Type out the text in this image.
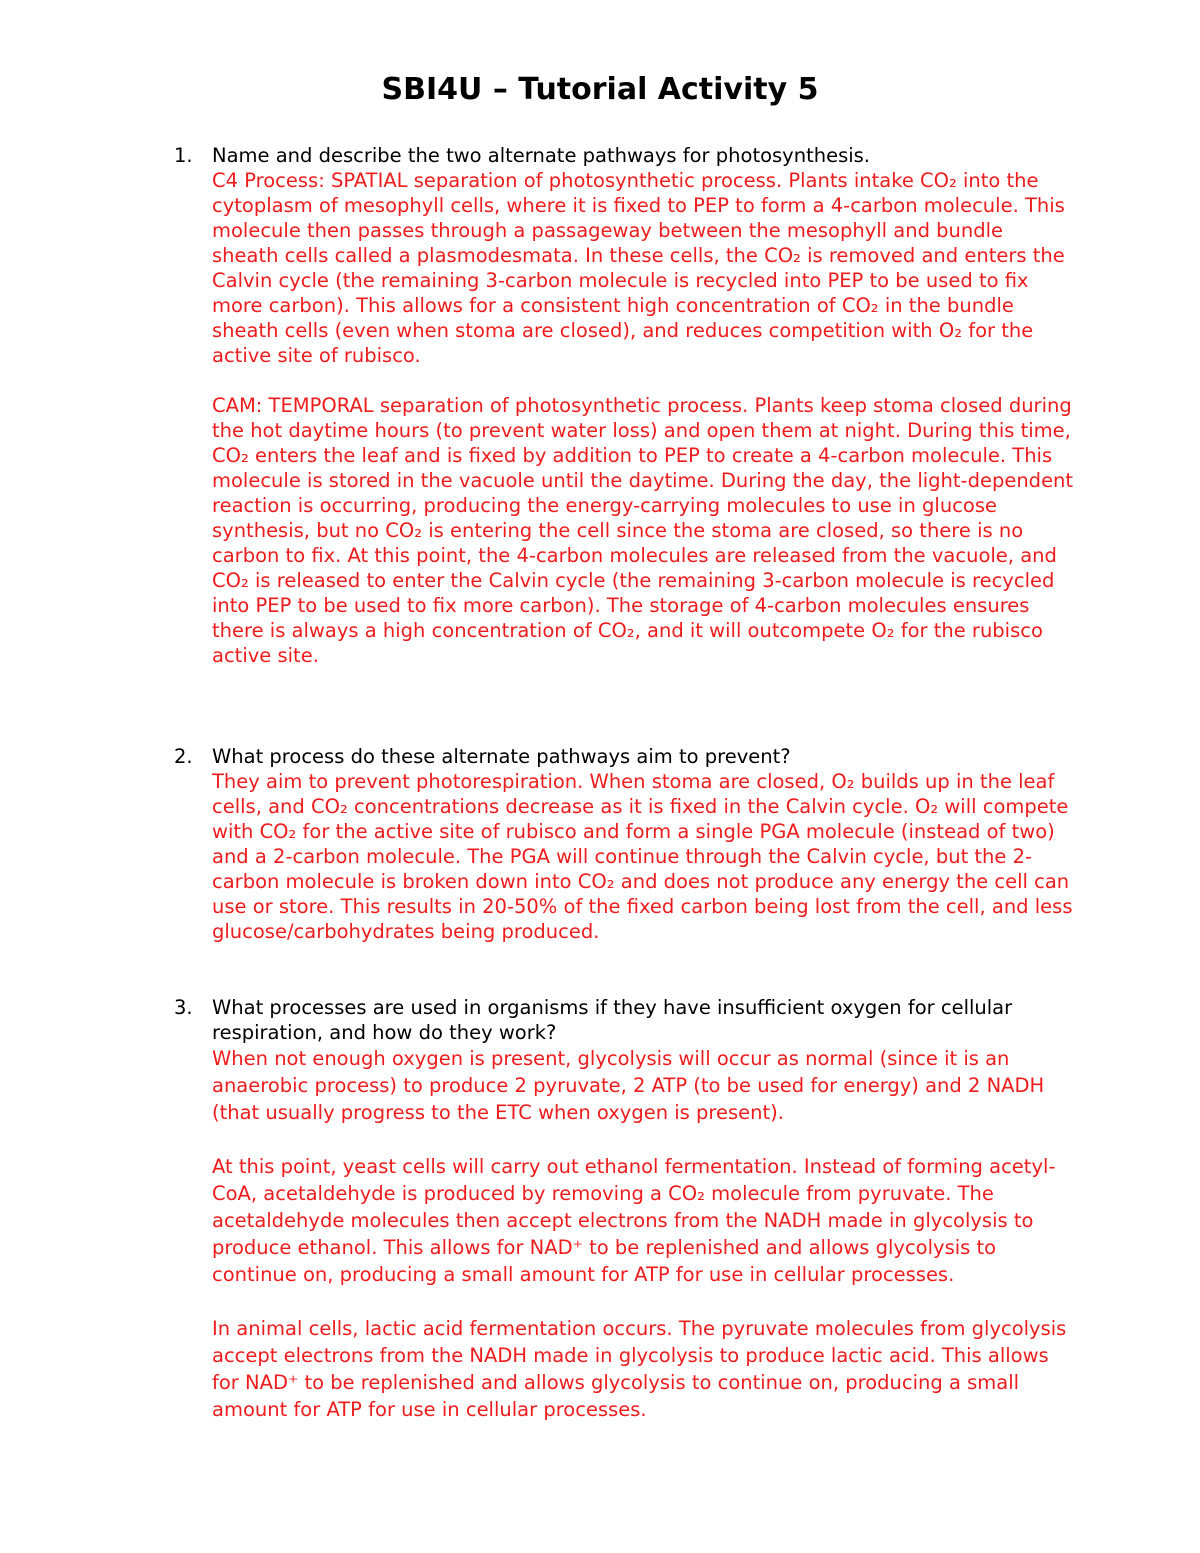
SBI4U – Tutorial Activity 5
1. Name and describe the two alternate pathways for photosynthesis.

C4 Process: SPATIAL separation of photosynthetic process. Plants intake CO₂ into the cytoplasm of mesophyll cells, where it is fixed to PEP to form a 4-carbon molecule. This molecule then passes through a passageway between the mesophyll and bundle sheath cells called a plasmodesmata. In these cells, the CO₂ is removed and enters the Calvin cycle (the remaining 3-carbon molecule is recycled into PEP to be used to fix more carbon). This allows for a consistent high concentration of CO₂ in the bundle sheath cells (even when stoma are closed), and reduces competition with O₂ for the active site of rubisco.

CAM: TEMPORAL separation of photosynthetic process. Plants keep stoma closed during the hot daytime hours (to prevent water loss) and open them at night. During this time, CO₂ enters the leaf and is fixed by addition to PEP to create a 4-carbon molecule. This molecule is stored in the vacuole until the daytime. During the day, the light-dependent reaction is occurring, producing the energy-carrying molecules to use in glucose synthesis, but no CO₂ is entering the cell since the stoma are closed, so there is no carbon to fix. At this point, the 4-carbon molecules are released from the vacuole, and CO₂ is released to enter the Calvin cycle (the remaining 3-carbon molecule is recycled into PEP to be used to fix more carbon). The storage of 4-carbon molecules ensures there is always a high concentration of CO₂, and it will outcompete O₂ for the rubisco active site.

2. What process do these alternate pathways aim to prevent?

They aim to prevent photorespiration. When stoma are closed, O₂ builds up in the leaf cells, and CO₂ concentrations decrease as it is fixed in the Calvin cycle. O₂ will compete with CO₂ for the active site of rubisco and form a single PGA molecule (instead of two) and a 2-carbon molecule. The PGA will continue through the Calvin cycle, but the 2-carbon molecule is broken down into CO₂ and does not produce any energy the cell can use or store. This results in 20-50% of the fixed carbon being lost from the cell, and less glucose/carbohydrates being produced.

3. What processes are used in organisms if they have insufficient oxygen for cellular respiration, and how do they work?

When not enough oxygen is present, glycolysis will occur as normal (since it is an anaerobic process) to produce 2 pyruvate, 2 ATP (to be used for energy) and 2 NADH (that usually progress to the ETC when oxygen is present).

At this point, yeast cells will carry out ethanol fermentation. Instead of forming acetyl-CoA, acetaldehyde is produced by removing a CO₂ molecule from pyruvate. The acetaldehyde molecules then accept electrons from the NADH made in glycolysis to produce ethanol. This allows for NAD⁺ to be replenished and allows glycolysis to continue on, producing a small amount for ATP for use in cellular processes.

In animal cells, lactic acid fermentation occurs. The pyruvate molecules from glycolysis accept electrons from the NADH made in glycolysis to produce lactic acid. This allows for NAD⁺ to be replenished and allows glycolysis to continue on, producing a small amount for ATP for use in cellular processes.
